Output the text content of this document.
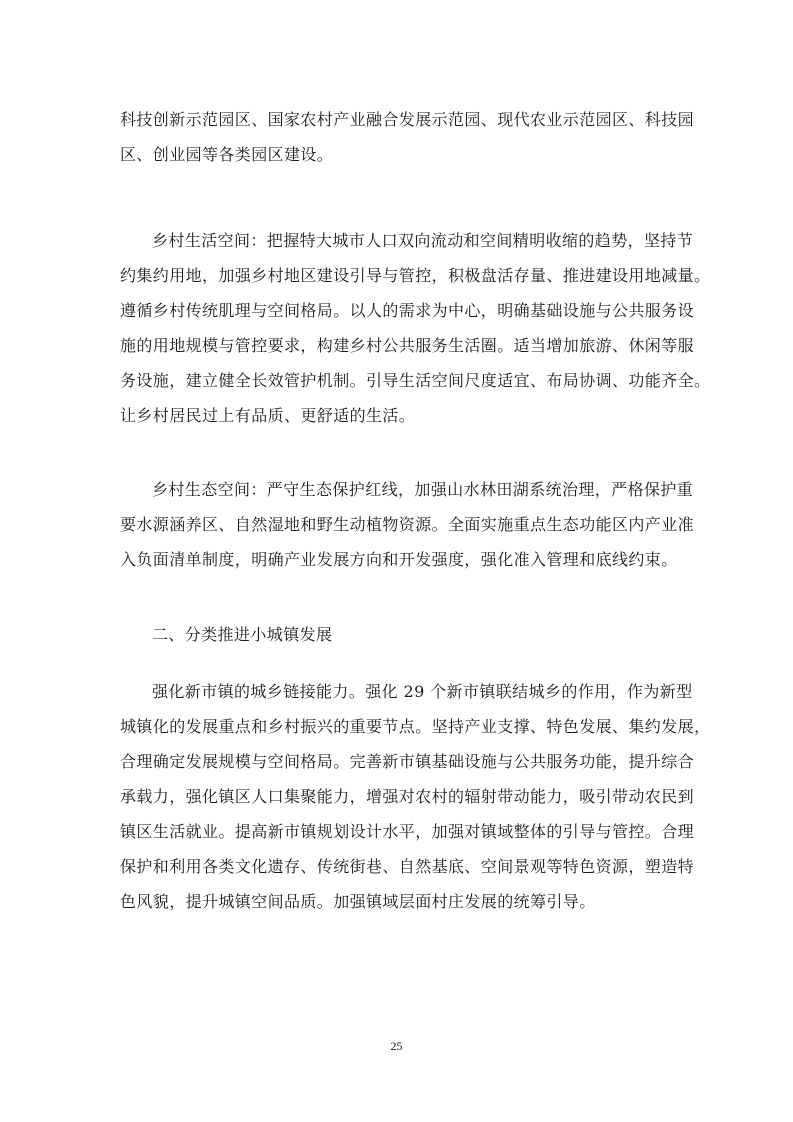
科技创新示范园区、国家农村产业融合发展示范园、现代农业示范园区、科技园
区、创业园等各类园区建设。

乡村生活空间：把握特大城市人口双向流动和空间精明收缩的趋势，坚持节
约集约用地，加强乡村地区建设引导与管控，积极盘活存量、推进建设用地减量。
遵循乡村传统肌理与空间格局。以人的需求为中心，明确基础设施与公共服务设
施的用地规模与管控要求，构建乡村公共服务生活圈。适当增加旅游、休闲等服
务设施，建立健全长效管护机制。引导生活空间尺度适宜、布局协调、功能齐全。
让乡村居民过上有品质、更舒适的生活。

乡村生态空间：严守生态保护红线，加强山水林田湖系统治理，严格保护重
要水源涵养区、自然湿地和野生动植物资源。全面实施重点生态功能区内产业准
入负面清单制度，明确产业发展方向和开发强度，强化准入管理和底线约束。

二、分类推进小城镇发展

强化新市镇的城乡链接能力。强化 29 个新市镇联结城乡的作用，作为新型
城镇化的发展重点和乡村振兴的重要节点。坚持产业支撑、特色发展、集约发展，
合理确定发展规模与空间格局。完善新市镇基础设施与公共服务功能，提升综合
承载力，强化镇区人口集聚能力，增强对农村的辐射带动能力，吸引带动农民到
镇区生活就业。提高新市镇规划设计水平，加强对镇域整体的引导与管控。合理
保护和利用各类文化遗存、传统街巷、自然基底、空间景观等特色资源，塑造特
色风貌，提升城镇空间品质。加强镇域层面村庄发展的统筹引导。

25
